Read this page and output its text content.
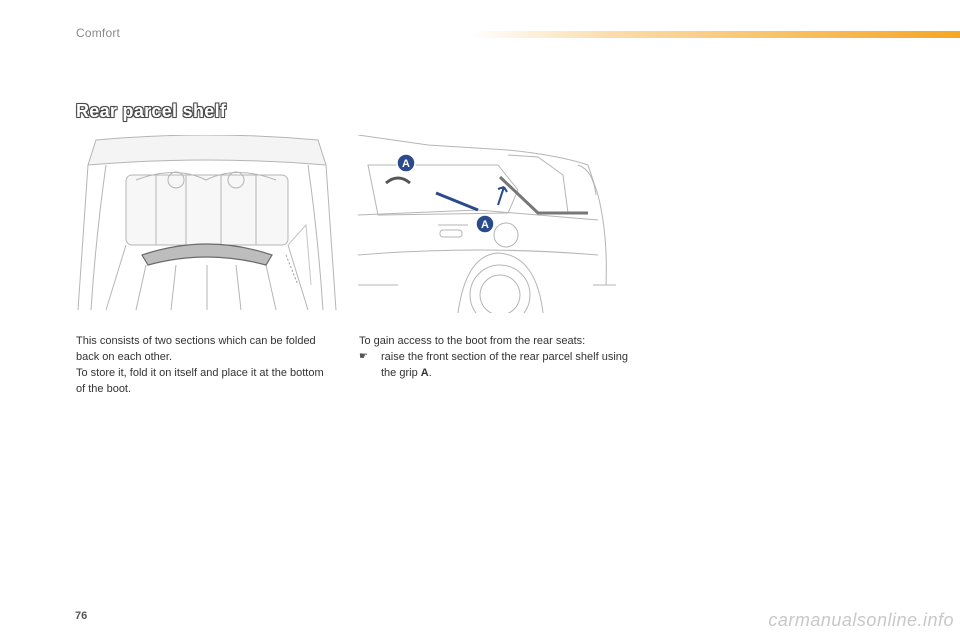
Comfort
Rear parcel shelf
A
A
This consists of two sections which can be folded back on each other.
To store it, fold it on itself and place it at the bottom of the boot.
To gain access to the boot from the rear seats:
☛	raise the front section of the rear parcel shelf using the grip A.
76	carmanualsonline.info
